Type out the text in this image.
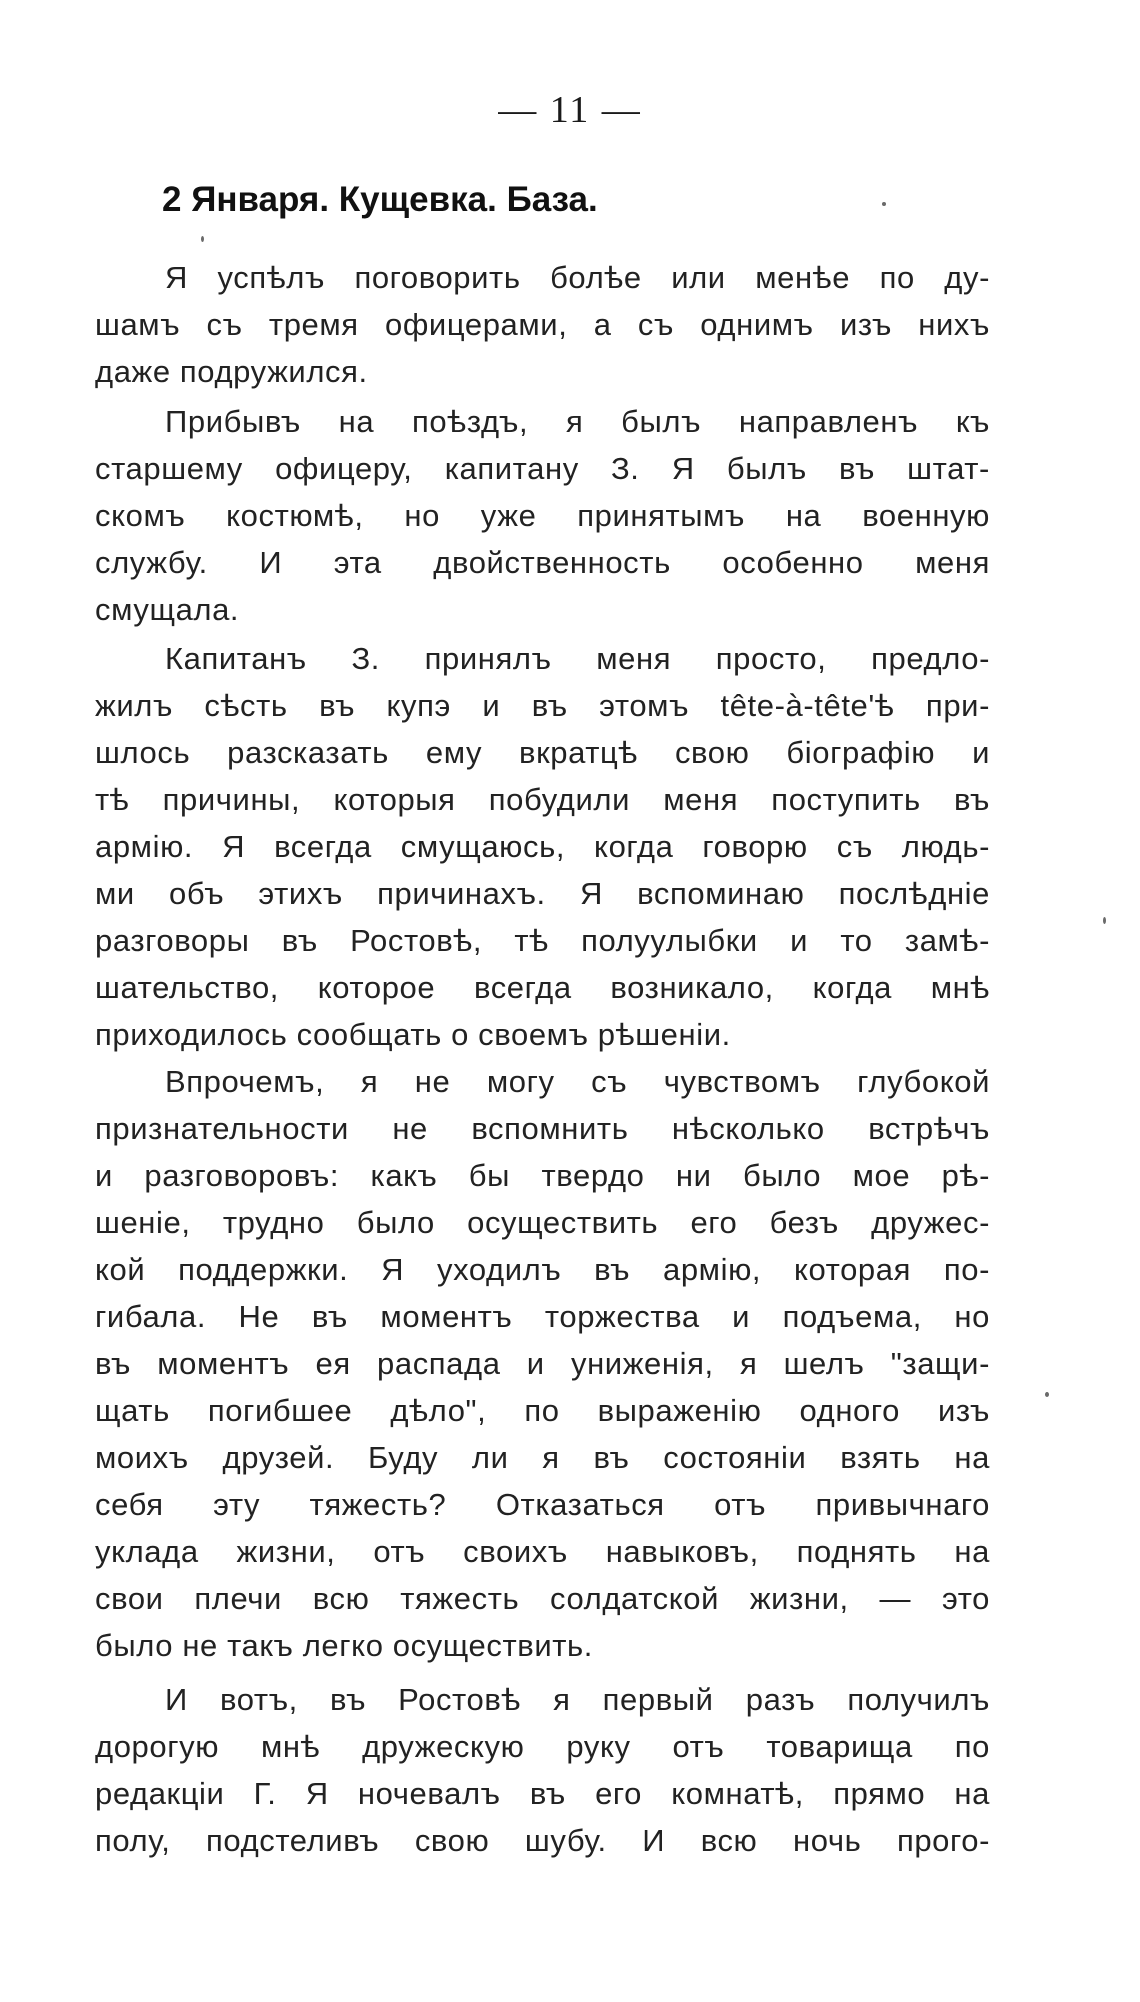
— 11 —
2 Января. Кущевка. База.
Я успѣлъ поговорить болѣе или менѣе по ду-
шамъ съ тремя офицерами, а съ однимъ изъ нихъ
даже подружился.
Прибывъ на поѣздъ, я былъ направленъ къ
старшему офицеру, капитану З. Я былъ въ штат-
скомъ костюмѣ, но уже принятымъ на военную
службу. И эта двойственность особенно меня
смущала.
Капитанъ З. принялъ меня просто, предло-
жилъ сѣсть въ купэ и въ этомъ tête-à-tête'ѣ при-
шлось разсказать ему вкратцѣ свою біографію и
тѣ причины, которыя побудили меня поступить въ
армію. Я всегда смущаюсь, когда говорю съ людь-
ми объ этихъ причинахъ. Я вспоминаю послѣдніе
разговоры въ Ростовѣ, тѣ полуулыбки и то замѣ-
шательство, которое всегда возникало, когда мнѣ
приходилось сообщать о своемъ рѣшеніи.
Впрочемъ, я не могу съ чувствомъ глубокой
признательности не вспомнить нѣсколько встрѣчъ
и разговоровъ: какъ бы твердо ни было мое рѣ-
шеніе, трудно было осуществить его безъ дружес-
кой поддержки. Я уходилъ въ армію, которая по-
гибала. Не въ моментъ торжества и подъема, но
въ моментъ ея распада и униженія, я шелъ "защи-
щать погибшее дѣло", по выраженію одного изъ
моихъ друзей. Буду ли я въ состояніи взять на
себя эту тяжесть? Отказаться отъ привычнаго
уклада жизни, отъ своихъ навыковъ, поднять на
свои плечи всю тяжесть солдатской жизни, — это
было не такъ легко осуществить.
И вотъ, въ Ростовѣ я первый разъ получилъ
дорогую мнѣ дружескую руку отъ товарища по
редакціи Г. Я ночевалъ въ его комнатѣ, прямо на
полу, подстеливъ свою шубу. И всю ночь прого-
